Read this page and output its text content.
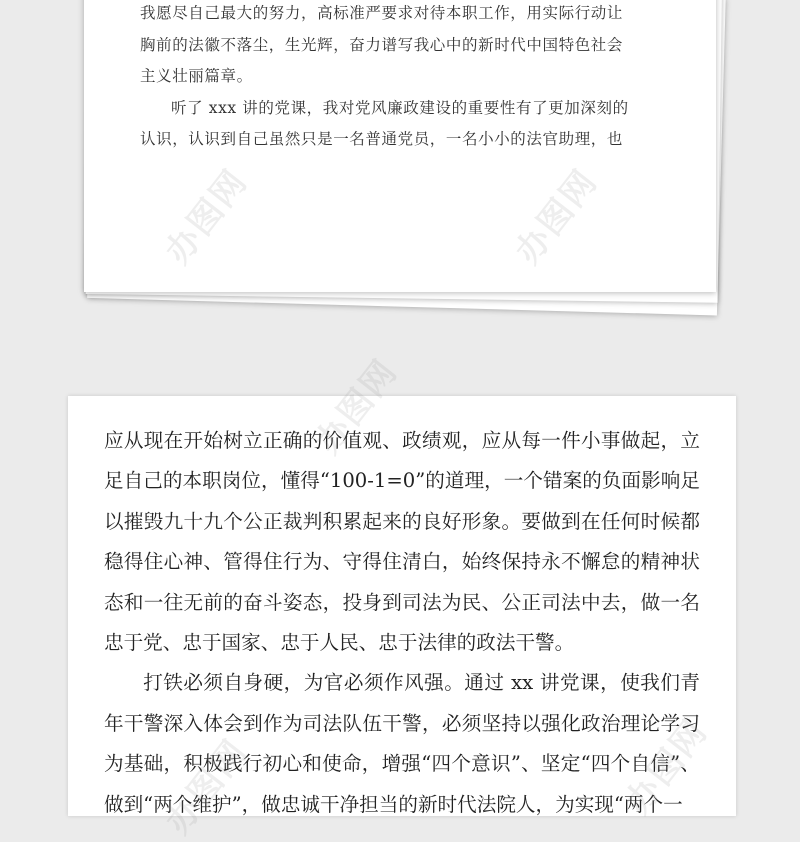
我愿尽自己最大的努力，高标准严要求对待本职工作，用实际行动让

胸前的法徽不落尘，生光辉，奋力谱写我心中的新时代中国特色社会

主义壮丽篇章。

听了 xxx 讲的党课，我对党风廉政建设的重要性有了更加深刻的

认识，认识到自己虽然只是一名普通党员，一名小小的法官助理，也

应从现在开始树立正确的价值观、政绩观，应从每一件小事做起，立足自己的本职岗位，懂得“100-1=0”的道理，一个错案的负面影响足以摧毁九十九个公正裁判积累起来的良好形象。要做到在任何时候都稳得住心神、管得住行为、守得住清白，始终保持永不懈怠的精神状态和一往无前的奋斗姿态，投身到司法为民、公正司法中去，做一名忠于党、忠于国家、忠于人民、忠于法律的政法干警。

打铁必须自身硬，为官必须作风强。通过 xx 讲党课，使我们青年干警深入体会到作为司法队伍干警，必须坚持以强化政治理论学习为基础，积极践行初心和使命，增强“四个意识”、坚定“四个自信”、做到“两个维护”，做忠诚干净担当的新时代法院人，为实现“两个一
